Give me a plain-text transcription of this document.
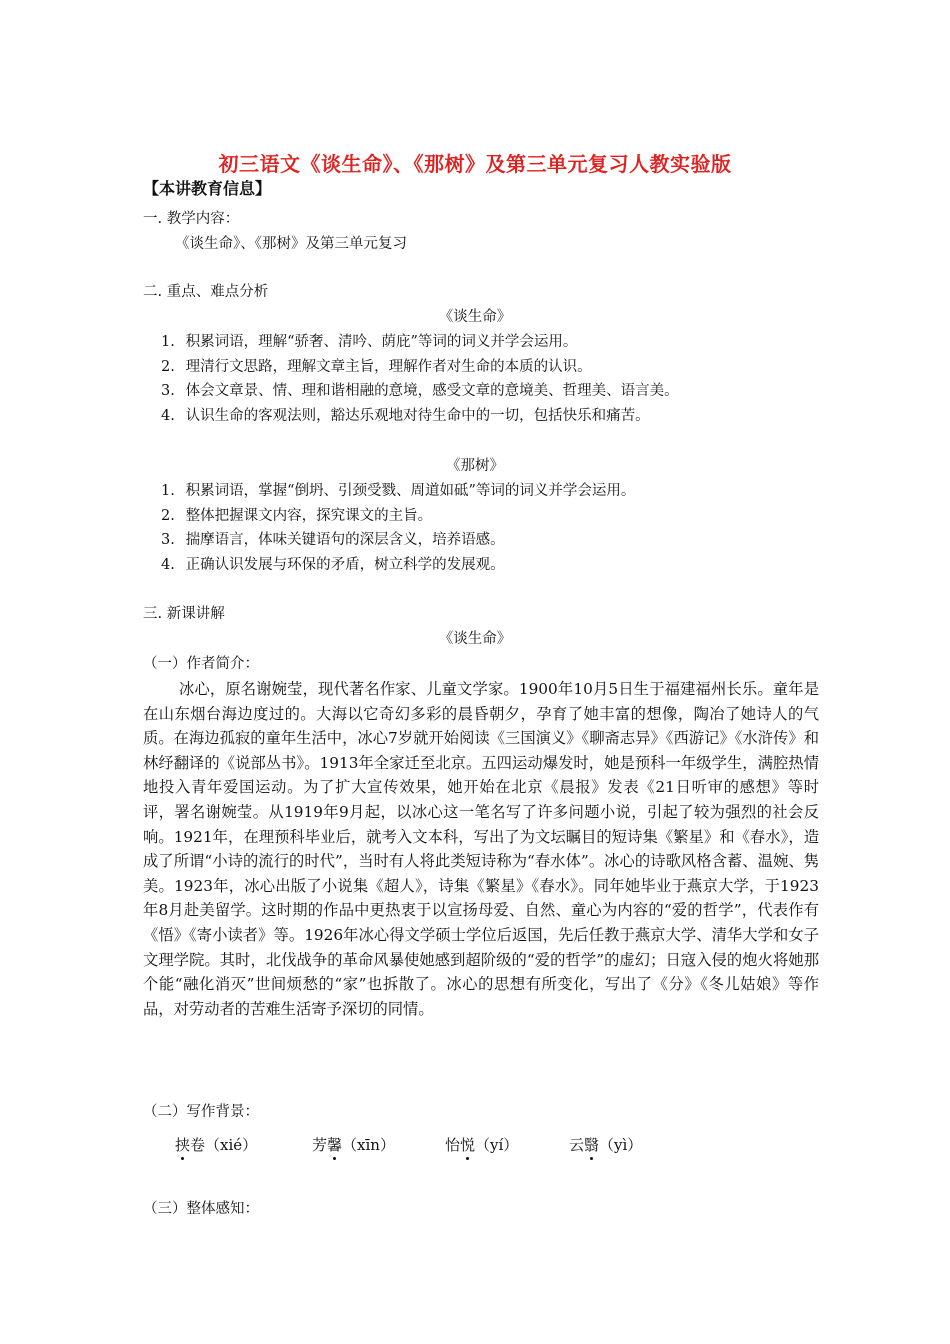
初三语文《谈生命》、《那树》及第三单元复习人教实验版
【本讲教育信息】
一. 教学内容：
《谈生命》、《那树》及第三单元复习
二. 重点、难点分析
《谈生命》
1. 积累词语，理解“骄奢、清吟、荫庇”等词的词义并学会运用。
2. 理清行文思路，理解文章主旨，理解作者对生命的本质的认识。
3. 体会文章景、情、理和谐相融的意境，感受文章的意境美、哲理美、语言美。
4. 认识生命的客观法则，豁达乐观地对待生命中的一切，包括快乐和痛苦。
《那树》
1. 积累词语，掌握“倒坍、引颈受戮、周道如砥”等词的词义并学会运用。
2. 整体把握课文内容，探究课文的主旨。
3. 揣摩语言，体味关键语句的深层含义，培养语感。
4. 正确认识发展与环保的矛盾，树立科学的发展观。
三. 新课讲解
《谈生命》
（一）作者简介：

冰心，原名谢婉莹，现代著名作家、儿童文学家。1900年10月5日生于福建福州长乐。童年是在山东烟台海边度过的。大海以它奇幻多彩的晨昏朝夕，孕育了她丰富的想像，陶冶了她诗人的气质。在海边孤寂的童年生活中，冰心7岁就开始阅读《三国演义》《聊斋志异》《西游记》《水浒传》和林纾翻译的《说部丛书》。1913年全家迁至北京。五四运动爆发时，她是预科一年级学生，满腔热情地投入青年爱国运动。为了扩大宣传效果，她开始在北京《晨报》发表《21日听审的感想》等时评，署名谢婉莹。从1919年9月起，以冰心这一笔名写了许多问题小说，引起了较为强烈的社会反响。1921年，在理预科毕业后，就考入文本科，写出了为文坛瞩目的短诗集《繁星》和《春水》，造成了所谓“小诗的流行的时代”，当时有人将此类短诗称为“春水体”。冰心的诗歌风格含蓄、温婉、隽美。1923年，冰心出版了小说集《超人》，诗集《繁星》《春水》。同年她毕业于燕京大学，于1923年8月赴美留学。这时期的作品中更热衷于以宣扬母爱、自然、童心为内容的“爱的哲学”，代表作有《悟》《寄小读者》等。1926年冰心得文学硕士学位后返国，先后任教于燕京大学、清华大学和女子文理学院。其时，北伐战争的革命风暴使她感到超阶级的“爱的哲学”的虚幻；日寇入侵的炮火将她那个能“融化消灭”世间烦愁的“家”也拆散了。冰心的思想有所变化，写出了《分》《冬儿姑娘》等作品，对劳动者的苦难生活寄予深切的同情。

（二）写作背景：
挟卷（xié）	芳馨（xīn）	怡悦（yí）	云翳（yì）
（三）整体感知：
